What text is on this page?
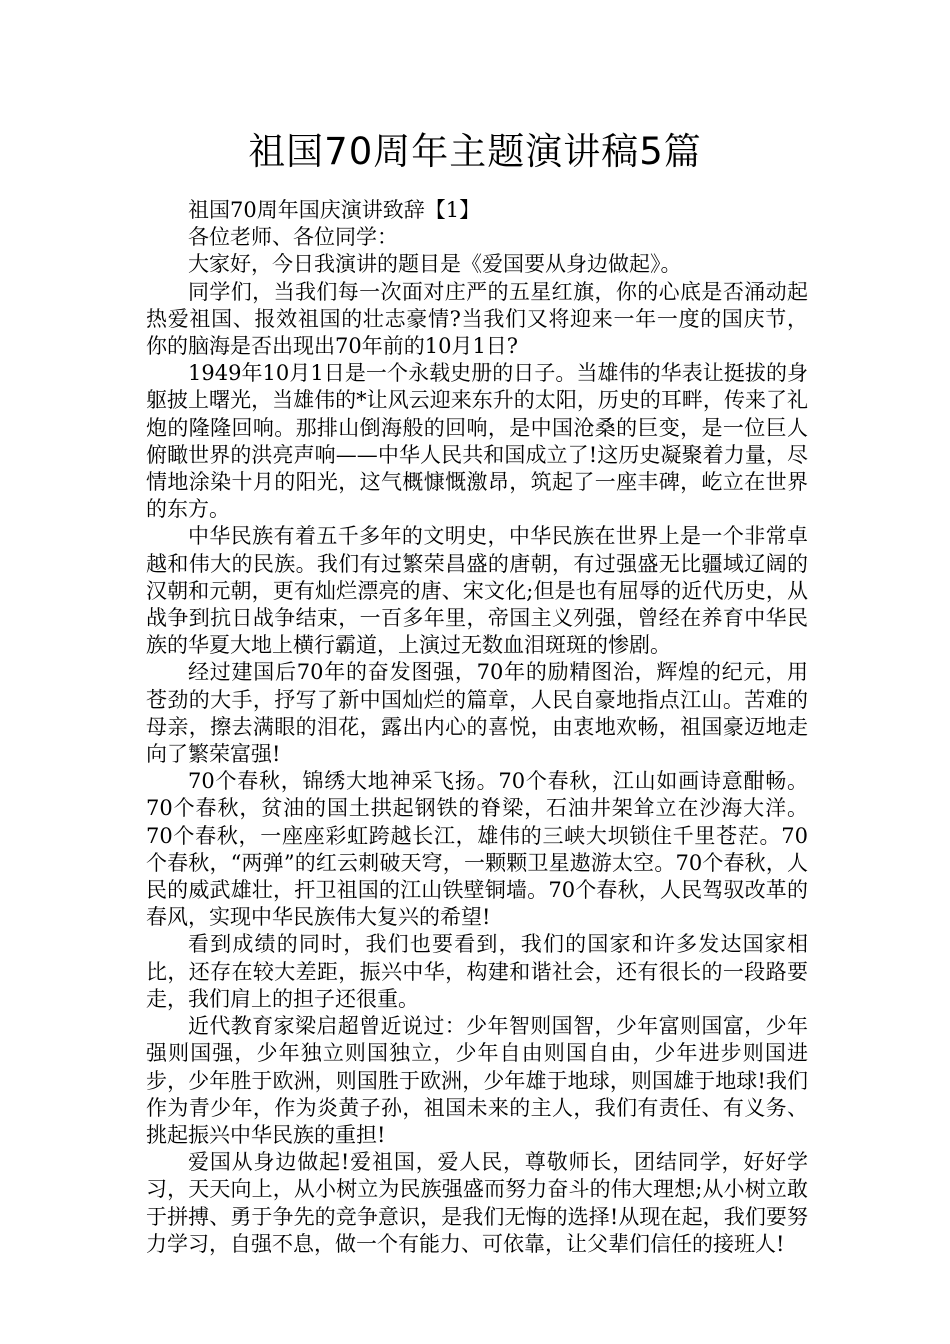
祖国70周年主题演讲稿5篇

祖国70周年国庆演讲致辞【1】

各位老师、各位同学：

大家好，今日我演讲的题目是《爱国要从身边做起》。

同学们，当我们每一次面对庄严的五星红旗，你的心底是否涌动起热爱祖国、报效祖国的壮志豪情?当我们又将迎来一年一度的国庆节，你的脑海是否出现出70年前的10月1日?

1949年10月1日是一个永载史册的日子。当雄伟的华表让挺拔的身躯披上曙光，当雄伟的*让风云迎来东升的太阳，历史的耳畔，传来了礼炮的隆隆回响。那排山倒海般的回响，是中国沧桑的巨变，是一位巨人俯瞰世界的洪亮声响——中华人民共和国成立了!这历史凝聚着力量，尽情地涂染十月的阳光，这气概慷慨激昂，筑起了一座丰碑，屹立在世界的东方。

中华民族有着五千多年的文明史，中华民族在世界上是一个非常卓越和伟大的民族。我们有过繁荣昌盛的唐朝，有过强盛无比疆域辽阔的汉朝和元朝，更有灿烂漂亮的唐、宋文化;但是也有屈辱的近代历史，从战争到抗日战争结束，一百多年里，帝国主义列强，曾经在养育中华民族的华夏大地上横行霸道，上演过无数血泪斑斑的惨剧。

经过建国后70年的奋发图强，70年的励精图治，辉煌的纪元，用苍劲的大手，抒写了新中国灿烂的篇章，人民自豪地指点江山。苦难的母亲，擦去满眼的泪花，露出内心的喜悦，由衷地欢畅，祖国豪迈地走向了繁荣富强!

70个春秋，锦绣大地神采飞扬。70个春秋，江山如画诗意酣畅。70个春秋，贫油的国土拱起钢铁的脊梁，石油井架耸立在沙海大洋。70个春秋，一座座彩虹跨越长江，雄伟的三峡大坝锁住千里苍茫。70个春秋，“两弹”的红云刺破天穹，一颗颗卫星遨游太空。70个春秋，人民的威武雄壮，扞卫祖国的江山铁壁铜墙。70个春秋，人民驾驭改革的春风，实现中华民族伟大复兴的希望!

看到成绩的同时，我们也要看到，我们的国家和许多发达国家相比，还存在较大差距，振兴中华，构建和谐社会，还有很长的一段路要走，我们肩上的担子还很重。

近代教育家梁启超曾近说过：少年智则国智，少年富则国富，少年强则国强，少年独立则国独立，少年自由则国自由，少年进步则国进步，少年胜于欧洲，则国胜于欧洲，少年雄于地球，则国雄于地球!我们作为青少年，作为炎黄子孙，祖国未来的主人，我们有责任、有义务、挑起振兴中华民族的重担!

爱国从身边做起!爱祖国，爱人民，尊敬师长，团结同学，好好学习，天天向上，从小树立为民族强盛而努力奋斗的伟大理想;从小树立敢于拼搏、勇于争先的竞争意识，是我们无悔的选择!从现在起，我们要努力学习，自强不息，做一个有能力、可依靠，让父辈们信任的接班人!
